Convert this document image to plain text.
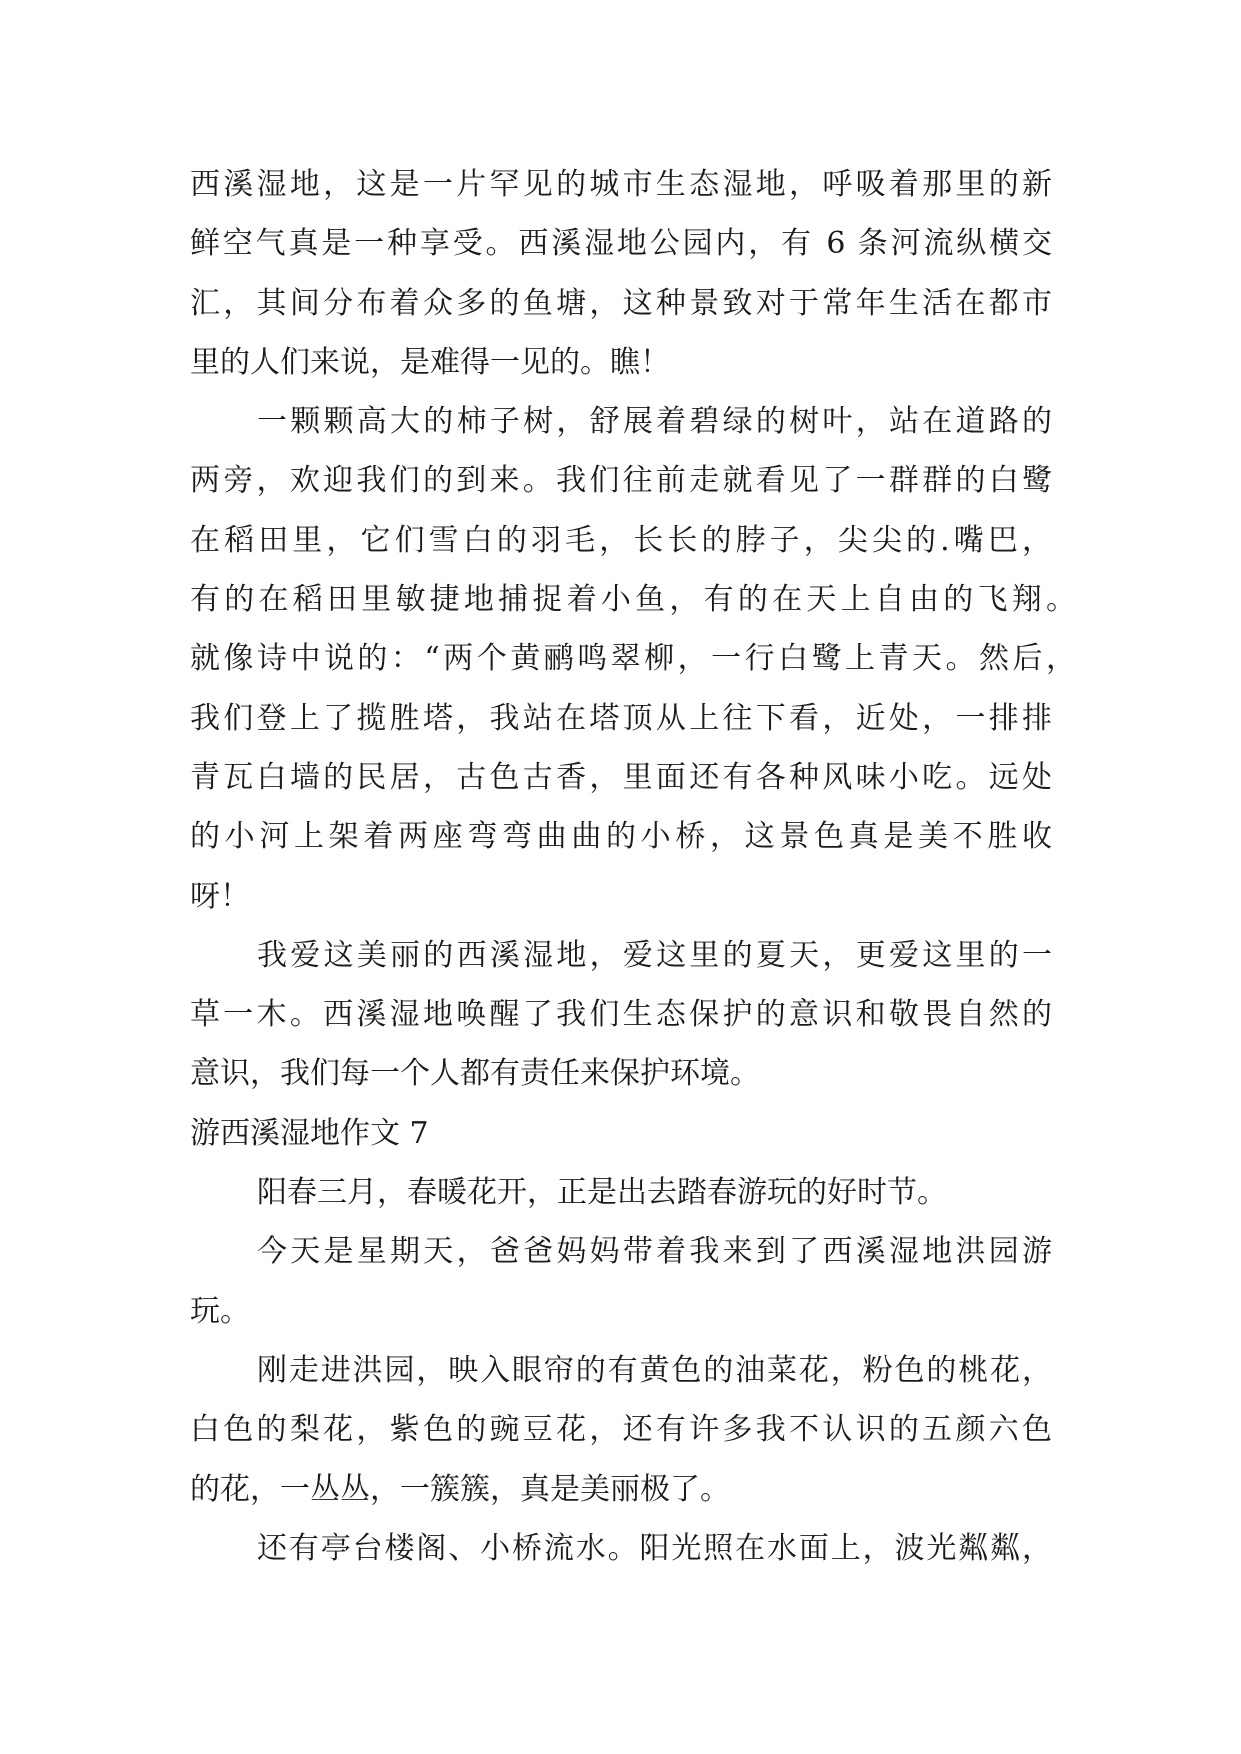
西溪湿地，这是一片罕见的城市生态湿地，呼吸着那里的新
鲜空气真是一种享受。西溪湿地公园内，有 6 条河流纵横交
汇，其间分布着众多的鱼塘，这种景致对于常年生活在都市
里的人们来说，是难得一见的。瞧！
一颗颗高大的柿子树，舒展着碧绿的树叶，站在道路的
两旁，欢迎我们的到来。我们往前走就看见了一群群的白鹭
在稻田里，它们雪白的羽毛，长长的脖子，尖尖的.嘴巴，
有的在稻田里敏捷地捕捉着小鱼，有的在天上自由的飞翔。
就像诗中说的：“两个黄鹂鸣翠柳，一行白鹭上青天。然后，
我们登上了揽胜塔，我站在塔顶从上往下看，近处，一排排
青瓦白墙的民居，古色古香，里面还有各种风味小吃。远处
的小河上架着两座弯弯曲曲的小桥，这景色真是美不胜收
呀！
我爱这美丽的西溪湿地，爱这里的夏天，更爱这里的一
草一木。西溪湿地唤醒了我们生态保护的意识和敬畏自然的
意识，我们每一个人都有责任来保护环境。
游西溪湿地作文 7
阳春三月，春暖花开，正是出去踏春游玩的好时节。
今天是星期天，爸爸妈妈带着我来到了西溪湿地洪园游
玩。
刚走进洪园，映入眼帘的有黄色的油菜花，粉色的桃花，
白色的梨花，紫色的豌豆花，还有许多我不认识的五颜六色
的花，一丛丛，一簇簇，真是美丽极了。
还有亭台楼阁、小桥流水。阳光照在水面上，波光粼粼，
